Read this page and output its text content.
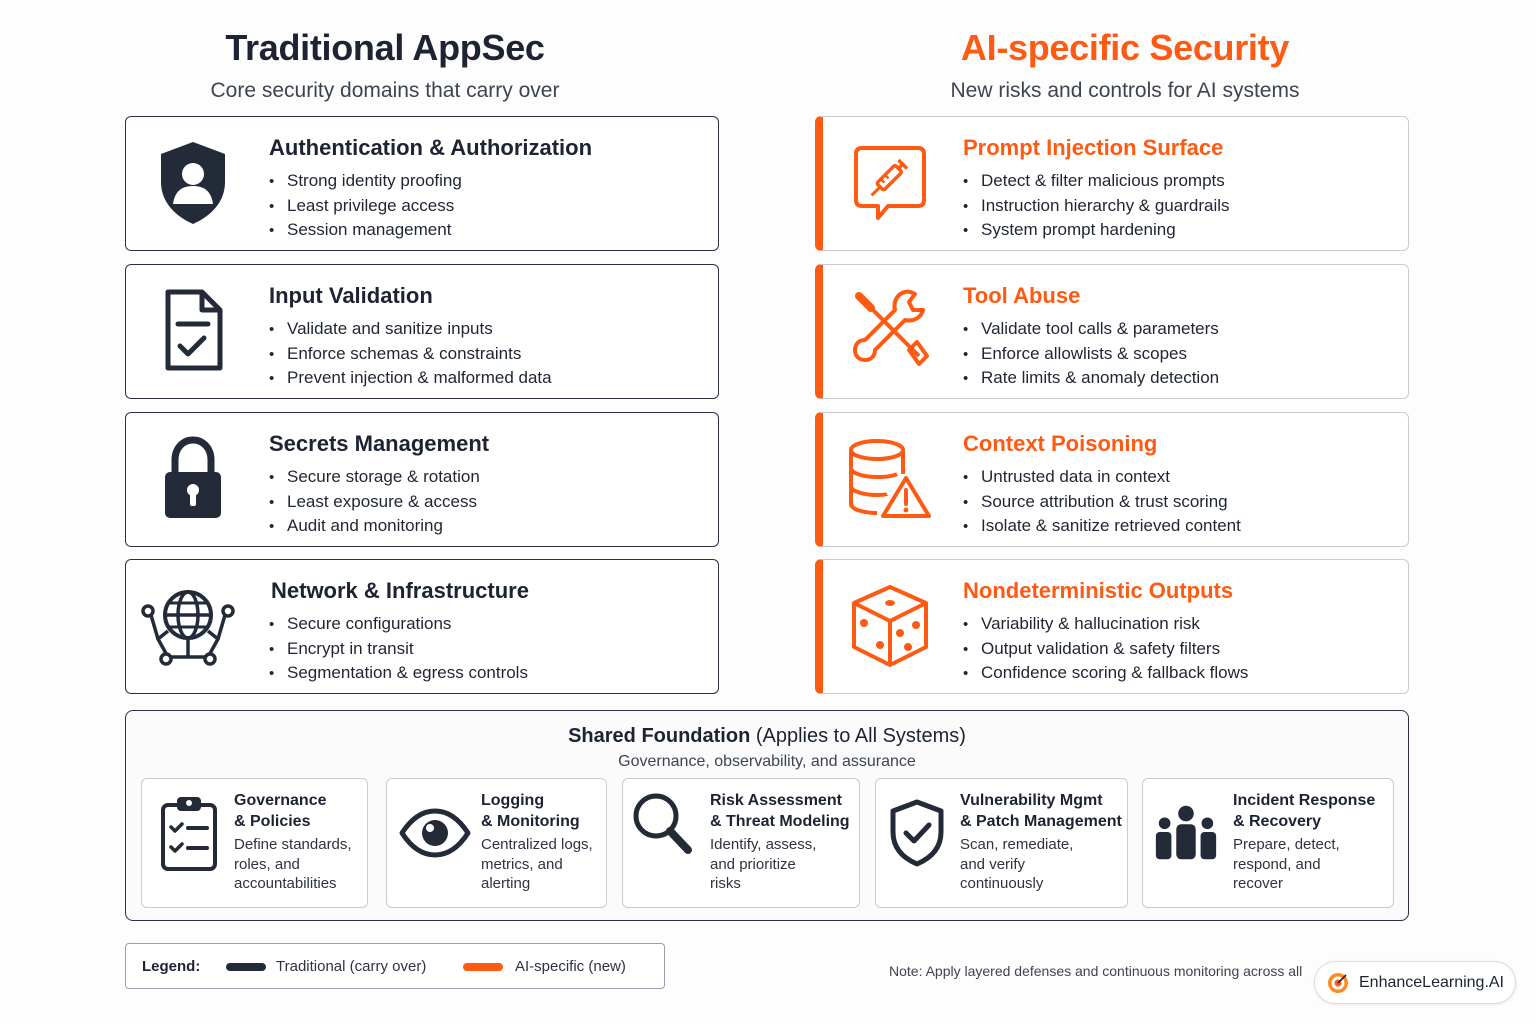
Traditional AppSec
Core security domains that carry over
AI-specific Security
New risks and controls for AI systems
Authentication & Authorization
• Strong identity proofing
• Least privilege access
• Session management
Input Validation
• Validate and sanitize inputs
• Enforce schemas & constraints
• Prevent injection & malformed data
Secrets Management
• Secure storage & rotation
• Least exposure & access
• Audit and monitoring
Network & Infrastructure
• Secure configurations
• Encrypt in transit
• Segmentation & egress controls
Prompt Injection Surface
• Detect & filter malicious prompts
• Instruction hierarchy & guardrails
• System prompt hardening
Tool Abuse
• Validate tool calls & parameters
• Enforce allowlists & scopes
• Rate limits & anomaly detection
Context Poisoning
• Untrusted data in context
• Source attribution & trust scoring
• Isolate & sanitize retrieved content
Nondeterministic Outputs
• Variability & hallucination risk
• Output validation & safety filters
• Confidence scoring & fallback flows
Shared Foundation (Applies to All Systems)
Governance, observability, and assurance
Governance
& Policies
Define standards,
roles, and
accountabilities
Logging
& Monitoring
Centralized logs,
metrics, and
alerting
Risk Assessment
& Threat Modeling
Identify, assess,
and prioritize
risks
Vulnerability Mgmt
& Patch Management
Scan, remediate,
and verify
continuously
Incident Response
& Recovery
Prepare, detect,
respond, and
recover
Legend:	Traditional (carry over)	AI-specific (new)	Note: Apply layered defenses and continuous monitoring across all
EnhanceLearning.AI
